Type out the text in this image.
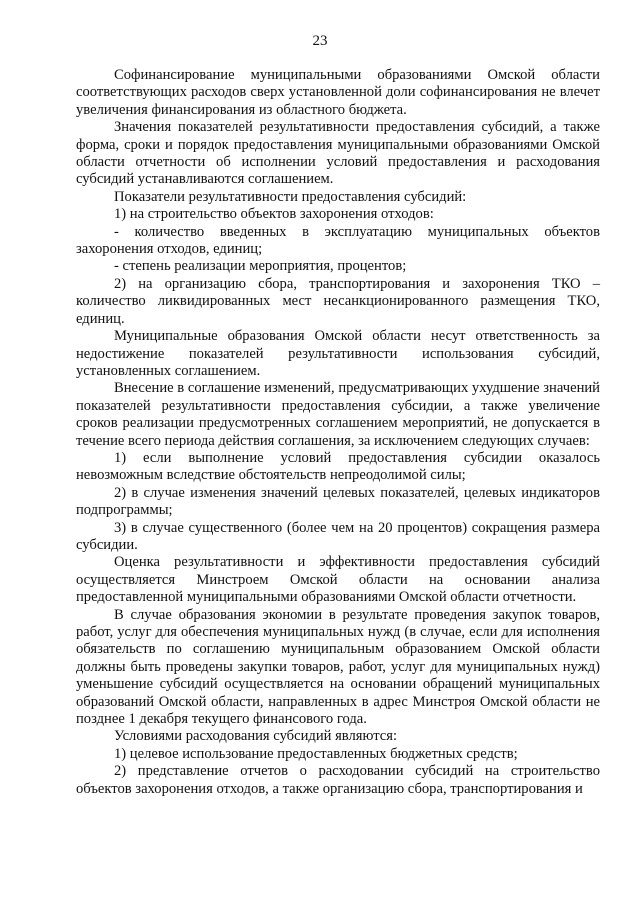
23

Софинансирование муниципальными образованиями Омской области соответствующих расходов сверх установленной доли софинансирования не влечет увеличения финансирования из областного бюджета.

Значения показателей результативности предоставления субсидий, а также форма, сроки и порядок предоставления муниципальными образованиями Омской области отчетности об исполнении условий предоставления и расходования субсидий устанавливаются соглашением.

Показатели результативности предоставления субсидий:

1) на строительство объектов захоронения отходов:

- количество введенных в эксплуатацию муниципальных объектов захоронения отходов, единиц;

- степень реализации мероприятия, процентов;

2) на организацию сбора, транспортирования и захоронения ТКО – количество ликвидированных мест несанкционированного размещения ТКО, единиц.

Муниципальные образования Омской области несут ответственность за недостижение показателей результативности использования субсидий, установленных соглашением.

Внесение в соглашение изменений, предусматривающих ухудшение значений показателей результативности предоставления субсидии, а также увеличение сроков реализации предусмотренных соглашением мероприятий, не допускается в течение всего периода действия соглашения, за исключением следующих случаев:

1) если выполнение условий предоставления субсидии оказалось невозможным вследствие обстоятельств непреодолимой силы;

2) в случае изменения значений целевых показателей, целевых индикаторов подпрограммы;

3) в случае существенного (более чем на 20 процентов) сокращения размера субсидии.

Оценка результативности и эффективности предоставления субсидий осуществляется Минстроем Омской области на основании анализа предоставленной муниципальными образованиями Омской области отчетности.

В случае образования экономии в результате проведения закупок товаров, работ, услуг для обеспечения муниципальных нужд (в случае, если для исполнения обязательств по соглашению муниципальным образованием Омской области должны быть проведены закупки товаров, работ, услуг для муниципальных нужд) уменьшение субсидий осуществляется на основании обращений муниципальных образований Омской области, направленных в адрес Минстроя Омской области не позднее 1 декабря текущего финансового года.

Условиями расходования субсидий являются:

1) целевое использование предоставленных бюджетных средств;

2) представление отчетов о расходовании субсидий на строительство объектов захоронения отходов, а также организацию сбора, транспортирования и
